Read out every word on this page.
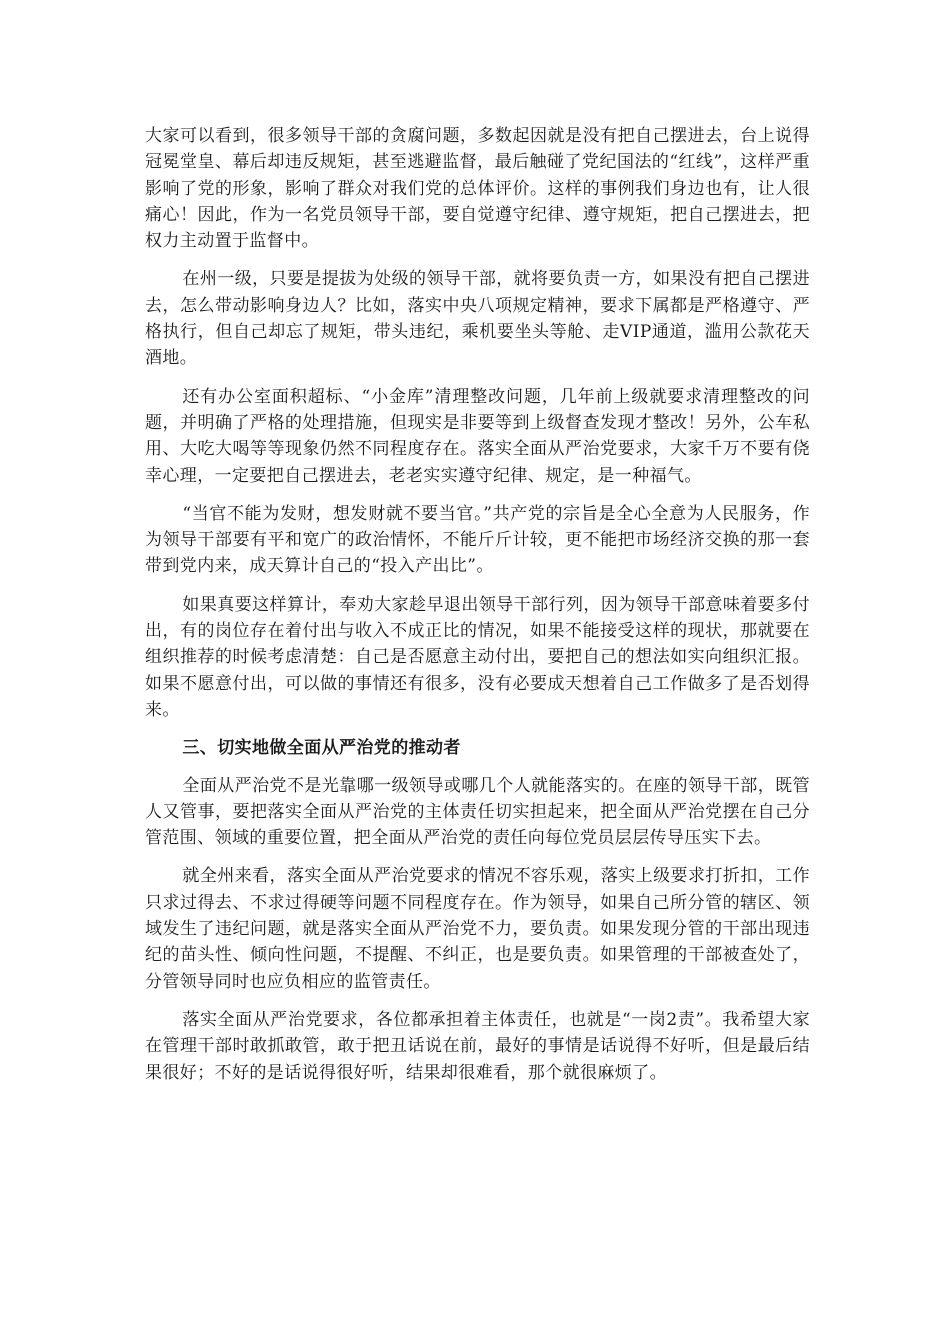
大家可以看到，很多领导干部的贪腐问题，多数起因就是没有把自己摆进去，台上说得冠冕堂皇、幕后却违反规矩，甚至逃避监督，最后触碰了党纪国法的“红线”，这样严重影响了党的形象，影响了群众对我们党的总体评价。这样的事例我们身边也有，让人很痛心！因此，作为一名党员领导干部，要自觉遵守纪律、遵守规矩，把自己摆进去，把权力主动置于监督中。

在州一级，只要是提拔为处级的领导干部，就将要负责一方，如果没有把自己摆进去，怎么带动影响身边人？比如，落实中央八项规定精神，要求下属都是严格遵守、严格执行，但自己却忘了规矩，带头违纪，乘机要坐头等舱、走VIP通道，滥用公款花天酒地。

还有办公室面积超标、“小金库”清理整改问题，几年前上级就要求清理整改的问题，并明确了严格的处理措施，但现实是非要等到上级督查发现才整改！另外，公车私用、大吃大喝等等现象仍然不同程度存在。落实全面从严治党要求，大家千万不要有侥幸心理，一定要把自己摆进去，老老实实遵守纪律、规定，是一种福气。

“当官不能为发财，想发财就不要当官。”共产党的宗旨是全心全意为人民服务，作为领导干部要有平和宽广的政治情怀，不能斤斤计较，更不能把市场经济交换的那一套带到党内来，成天算计自己的“投入产出比”。

如果真要这样算计，奉劝大家趁早退出领导干部行列，因为领导干部意味着要多付出，有的岗位存在着付出与收入不成正比的情况，如果不能接受这样的现状，那就要在组织推荐的时候考虑清楚：自己是否愿意主动付出，要把自己的想法如实向组织汇报。如果不愿意付出，可以做的事情还有很多，没有必要成天想着自己工作做多了是否划得来。

三、切实地做全面从严治党的推动者

全面从严治党不是光靠哪一级领导或哪几个人就能落实的。在座的领导干部，既管人又管事，要把落实全面从严治党的主体责任切实担起来，把全面从严治党摆在自己分管范围、领域的重要位置，把全面从严治党的责任向每位党员层层传导压实下去。

就全州来看，落实全面从严治党要求的情况不容乐观，落实上级要求打折扣，工作只求过得去、不求过得硬等问题不同程度存在。作为领导，如果自己所分管的辖区、领域发生了违纪问题，就是落实全面从严治党不力，要负责。如果发现分管的干部出现违纪的苗头性、倾向性问题，不提醒、不纠正，也是要负责。如果管理的干部被查处了，分管领导同时也应负相应的监管责任。

落实全面从严治党要求，各位都承担着主体责任，也就是“一岗2责”。我希望大家在管理干部时敢抓敢管，敢于把丑话说在前，最好的事情是话说得不好听，但是最后结果很好；不好的是话说得很好听，结果却很难看，那个就很麻烦了。
